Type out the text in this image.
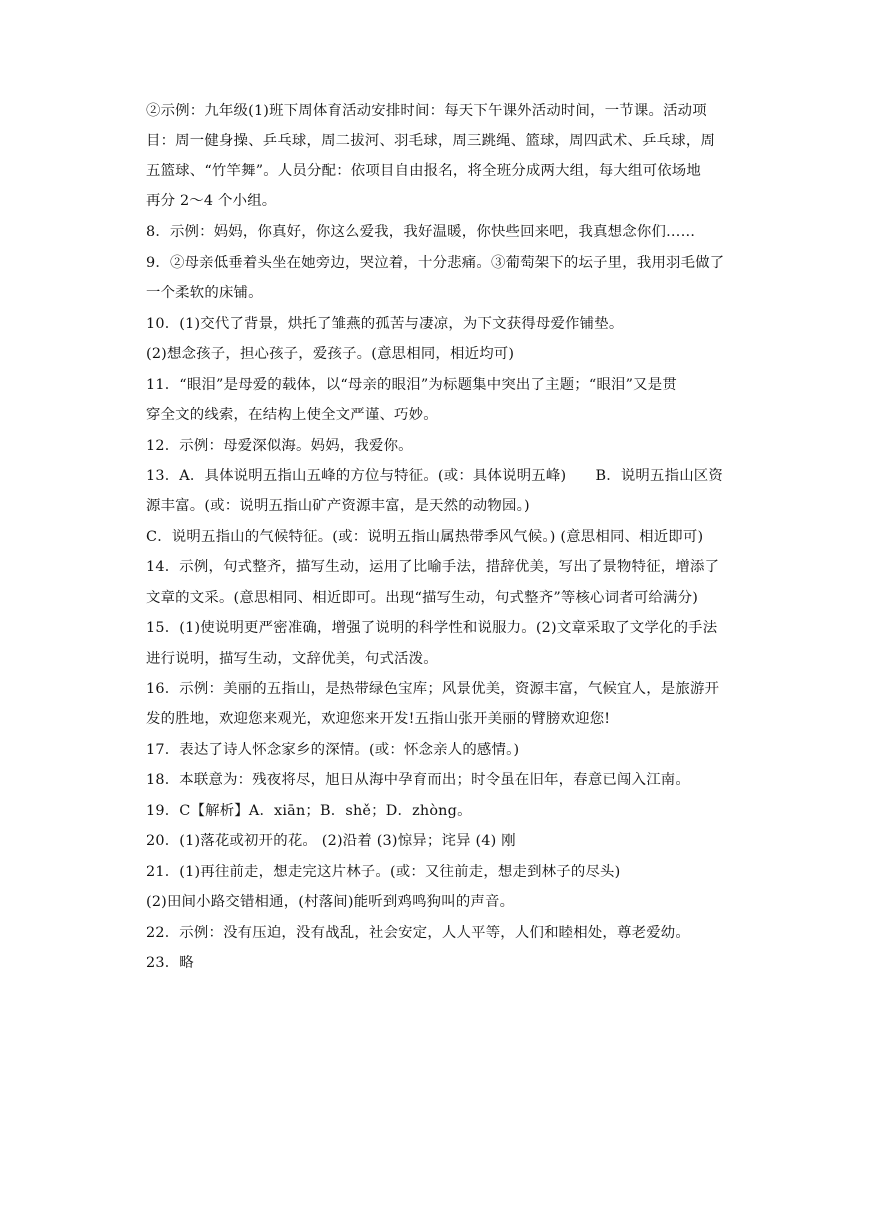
②示例：九年级(1)班下周体育活动安排时间：每天下午课外活动时间，一节课。活动项
目：周一健身操、乒乓球，周二拔河、羽毛球，周三跳绳、篮球，周四武术、乒乓球，周
五篮球、“竹竿舞”。人员分配：依项目自由报名，将全班分成两大组，每大组可依场地
再分 2～4 个小组。
8．示例：妈妈，你真好，你这么爱我，我好温暖，你快些回来吧，我真想念你们……
9．②母亲低垂着头坐在她旁边，哭泣着，十分悲痛。③葡萄架下的坛子里，我用羽毛做了
一个柔软的床铺。
10．(1)交代了背景，烘托了雏燕的孤苦与凄凉，为下文获得母爱作铺垫。
(2)想念孩子，担心孩子，爱孩子。(意思相同，相近均可)
11．“眼泪”是母爱的载体，以“母亲的眼泪”为标题集中突出了主题；“眼泪”又是贯
穿全文的线索，在结构上使全文严谨、巧妙。
12．示例：母爱深似海。妈妈，我爱你。
13．A．具体说明五指山五峰的方位与特征。(或：具体说明五峰)　　B．说明五指山区资
源丰富。(或：说明五指山矿产资源丰富，是天然的动物园。)
C．说明五指山的气候特征。(或：说明五指山属热带季风气候。) (意思相同、相近即可)
14．示例，句式整齐，描写生动，运用了比喻手法，措辞优美，写出了景物特征，增添了
文章的文采。(意思相同、相近即可。出现“描写生动，句式整齐”等核心词者可给满分)
15．(1)使说明更严密准确，增强了说明的科学性和说服力。(2)文章采取了文学化的手法
进行说明，描写生动，文辞优美，句式活泼。
16．示例：美丽的五指山，是热带绿色宝库；风景优美，资源丰富，气候宜人，是旅游开
发的胜地，欢迎您来观光，欢迎您来开发!五指山张开美丽的臂膀欢迎您!
17．表达了诗人怀念家乡的深情。(或：怀念亲人的感情。)
18．本联意为：残夜将尽，旭日从海中孕育而出；时令虽在旧年，春意已闯入江南。
19．C【解析】A．xiān；B．shě；D．zhòng。
20．(1)落花或初开的花。 (2)沿着 (3)惊异；诧异 (4) 刚
21．(1)再往前走，想走完这片林子。(或：又往前走，想走到林子的尽头)
(2)田间小路交错相通，(村落间)能听到鸡鸣狗叫的声音。
22．示例：没有压迫，没有战乱，社会安定，人人平等，人们和睦相处，尊老爱幼。
23．略
